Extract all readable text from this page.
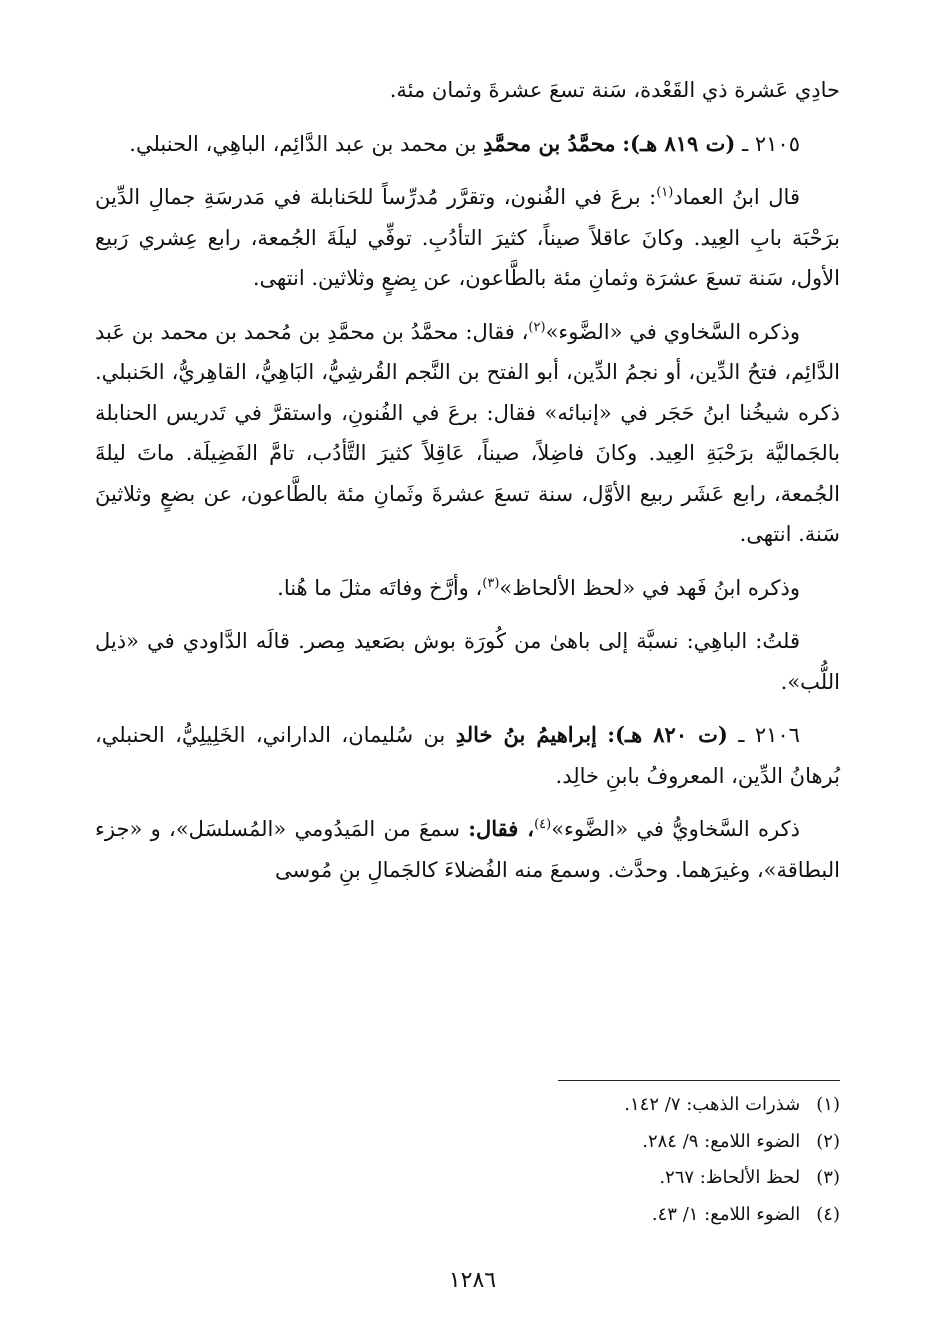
حادِي عَشرة ذي القَعْدة، سَنة تسعَ عشرةَ وثمان مئة.

٢١٠٥ ـ (ت ٨١٩ هـ): محمَّدُ بن محمَّدِ بن محمد بن عبد الدَّائِم، الباهِي، الحنبلي.

قال ابنُ العماد$^{(١)}$: برعَ في الفُنون، وتقرَّر مُدرِّساً للحَنابلة في مَدرسَةِ جمالِ الدِّين برَحْبَة بابِ العِيد. وكانَ عاقلاً صيناً، كثيرَ التأدُبِ. توفِّي ليلَةَ الجُمعة، رابع عِشري رَبيع الأول، سَنة تسعَ عشرَة وثمانِ مئة بالطَّاعون، عن بِضعٍ وثلاثين. انتهى.

وذكره السَّخاوي في «الضَّوء»$^{(٢)}$، فقال: محمَّدُ بن محمَّدِ بن مُحمد بن محمد بن عَبد الدَّائِم، فتحُ الدِّين، أو نجمُ الدِّين، أبو الفتح بن النَّجم القُرشِيُّ، البَاهِيُّ، القاهِريُّ، الحَنبلي. ذكره شيخُنا ابنُ حَجَر في «إنبائه» فقال: برعَ في الفُنونِ، واستقرَّ في تَدريس الحنابلة بالجَماليَّة برَحْبَةِ العِيد. وكانَ فاضِلاً، صيناً، عَاقِلاً كثيرَ التَّأدُب، تامَّ الفَضِيلَة. ماتَ ليلةَ الجُمعة، رابع عَشَر ربيع الأوَّل، سنة تسعَ عشرةَ وثَمانِ مئة بالطَّاعون، عن بضعٍ وثلاثينَ سَنة. انتهى.

وذكره ابنُ فَهد في «لحظ الألحاظ»$^{(٣)}$، وأرَّخ وفاتَه مثلَ ما هُنا.

قلتُ: الباهِي: نسبَّة إلى باهىٰ من كُورَة بوش بصَعيد مِصر. قالَه الدَّاودي في «ذيل اللُّب».

٢١٠٦ ـ (ت ٨٢٠ هـ): إبراهيمُ بنُ خالدِ بن سُليمان، الداراني، الخَلِيلِيُّ، الحنبلي، بُرهانُ الدِّين، المعروفُ بابنِ خالِد.

ذكره السَّخاويُّ في «الضَّوء»$^{(٤)}$، فقال: سمعَ من المَيدُومي «المُسلسَل»، و «جزء البطاقة»، وغيرَهما. وحدَّث. وسمعَ منه الفُضلاءَ كالجَمالِ بنِ مُوسى

(١) شذرات الذهب: ٧/ ١٤٢.
(٢) الضوء اللامع: ٩/ ٢٨٤.
(٣) لحظ الألحاظ: ٢٦٧.
(٤) الضوء اللامع: ١/ ٤٣.
١٢٨٦
